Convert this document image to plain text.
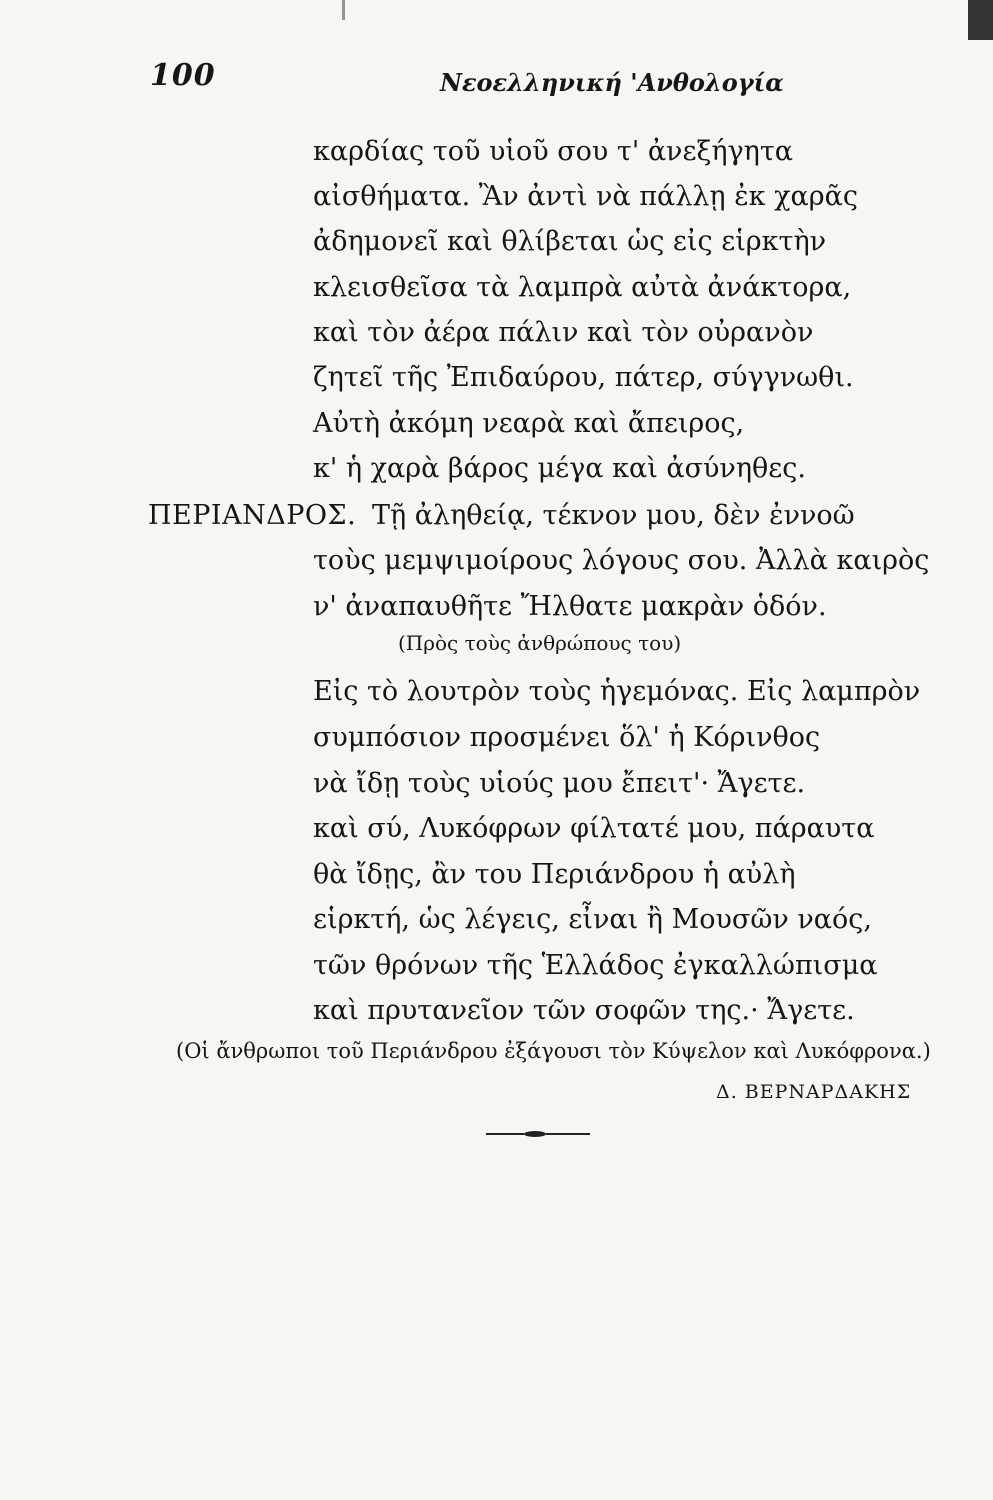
100	Νεοελληνική 'Ανθολογία
καρδίας τοῦ υἱοῦ σου τ' ἀνεξήγητα
αἰσθήματα. Ἂν ἀντὶ νὰ πάλλῃ ἐκ χαρᾶς
ἀδημονεῖ καὶ θλίβεται ὡς εἰς εἱρκτὴν
κλεισθεῖσα τὰ λαμπρὰ αὐτὰ ἀνάκτορα,
καὶ τὸν ἀέρα πάλιν καὶ τὸν οὐρανὸν
ζητεῖ τῆς Ἐπιδαύρου, πάτερ, σύγγνωθι.
Αὐτὴ ἀκόμη νεαρὰ καὶ ἄπειρος,
κ' ἡ χαρὰ βάρος μέγα καὶ ἀσύνηθες.
ΠΕΡΙΑΝΔΡΟΣ. Τῇ ἀληθείᾳ, τέκνον μου, δὲν ἐννοῶ
τοὺς μεμψιμοίρους λόγους σου. Ἀλλὰ καιρὸς
ν' ἀναπαυθῆτε Ἤλθατε μακρὰν ὁδόν.
(Πρὸς τοὺς ἀνθρώπους του)
Εἰς τὸ λουτρὸν τοὺς ἡγεμόνας. Εἰς λαμπρὸν
συμπόσιον προσμένει ὅλ' ἡ Κόρινθος
νὰ ἴδῃ τοὺς υἱούς μου ἔπειτ'· Ἄγετε.
καὶ σύ, Λυκόφρων φίλτατέ μου, πάραυτα
θὰ ἴδῃς, ἂν του Περιάνδρου ἡ αὐλὴ
εἱρκτή, ὡς λέγεις, εἶναι ἢ Μουσῶν ναός,
τῶν θρόνων τῆς Ἑλλάδος ἐγκαλλώπισμα
καὶ πρυτανεῖον τῶν σοφῶν της.· Ἄγετε.
(Οἱ ἄνθρωποι τοῦ Περιάνδρου ἐξάγουσι τὸν Κύψελον καὶ Λυκόφρονα.)
Δ. ΒΕΡΝΑΡΔΑΚΗΣ
